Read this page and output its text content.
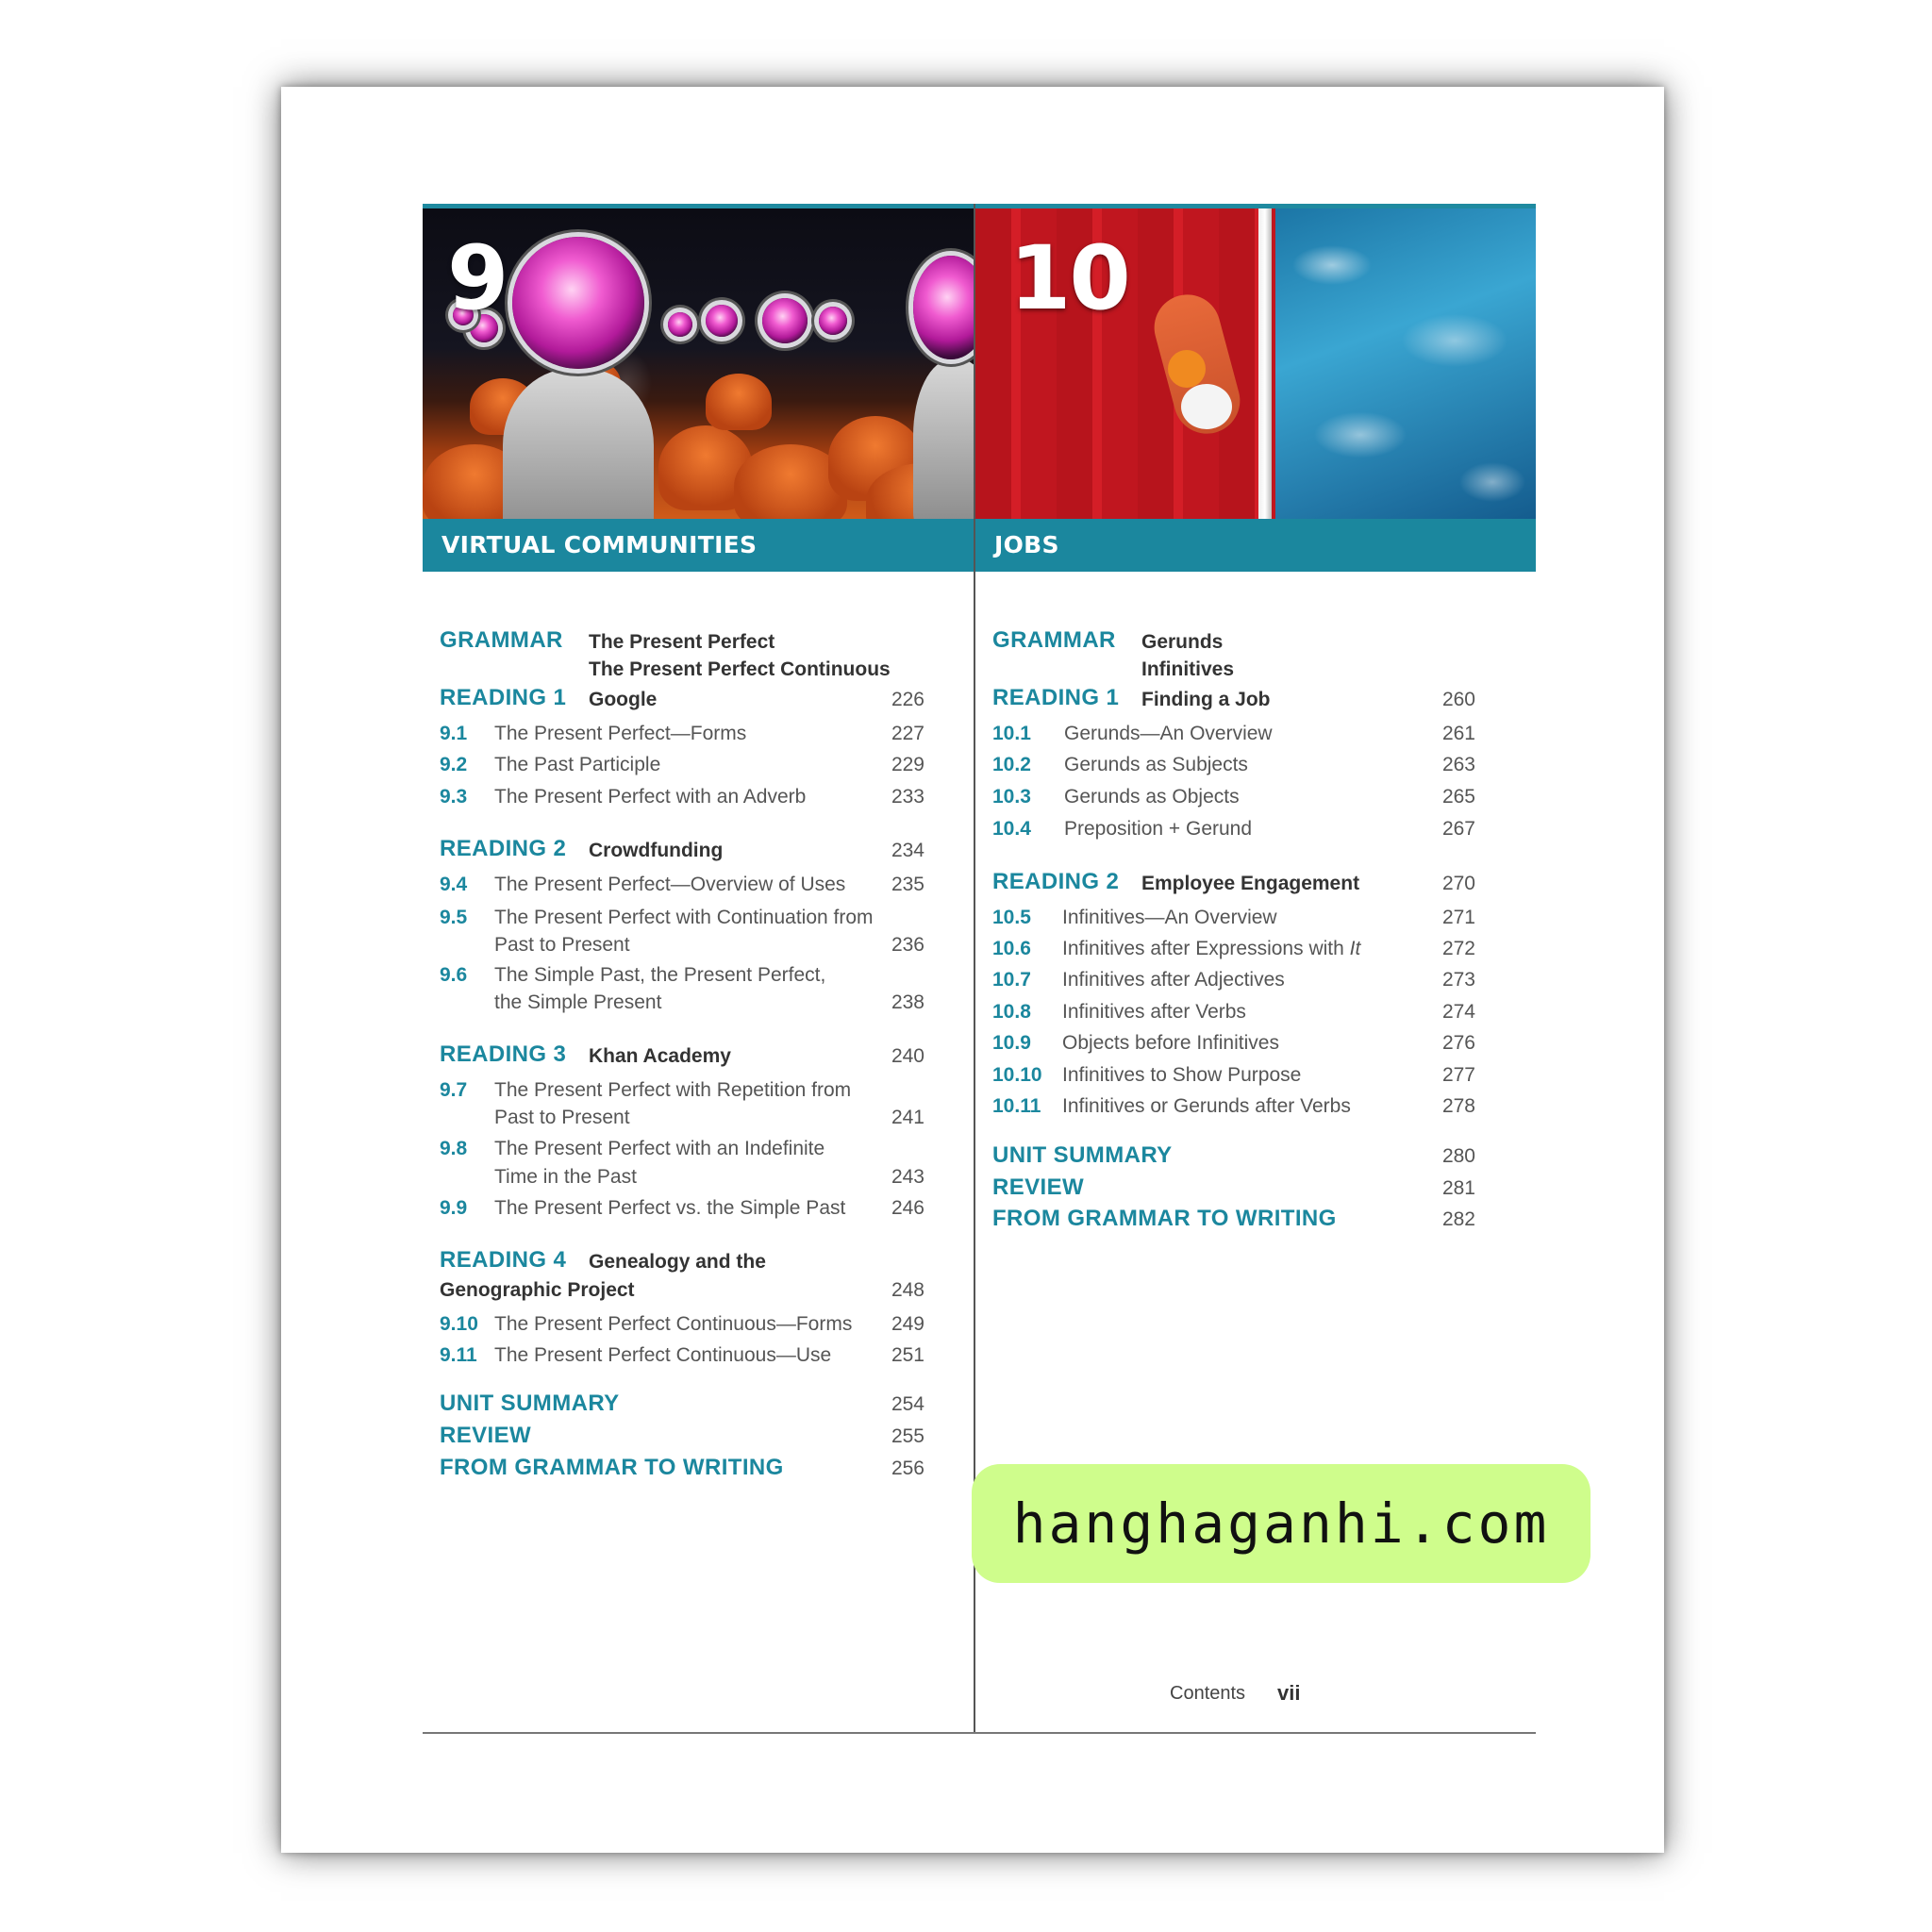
9	10
VIRTUAL COMMUNITIES	JOBS
GRAMMAR The Present Perfect
The Present Perfect Continuous
READING 1 Google	226
9.1 The Present Perfect—Forms	227
9.2 The Past Participle	229
9.3 The Present Perfect with an Adverb	233
READING 2 Crowdfunding	234
9.4 The Present Perfect—Overview of Uses	235
9.5 The Present Perfect with Continuation from
Past to Present	236
9.6 The Simple Past, the Present Perfect,
the Simple Present	238
READING 3 Khan Academy	240
9.7 The Present Perfect with Repetition from
Past to Present	241
9.8 The Present Perfect with an Indefinite
Time in the Past	243
9.9 The Present Perfect vs. the Simple Past	246
READING 4 Genealogy and the
Genographic Project	248
9.10 The Present Perfect Continuous—Forms	249
9.11 The Present Perfect Continuous—Use	251
UNIT SUMMARY	254
REVIEW	255
FROM GRAMMAR TO WRITING	256
GRAMMAR Gerunds
Infinitives
READING 1 Finding a Job	260
10.1 Gerunds—An Overview	261
10.2 Gerunds as Subjects	263
10.3 Gerunds as Objects	265
10.4 Preposition + Gerund	267
READING 2 Employee Engagement	270
10.5 Infinitives—An Overview	271
10.6 Infinitives after Expressions with It	272
10.7 Infinitives after Adjectives	273
10.8 Infinitives after Verbs	274
10.9 Objects before Infinitives	276
10.10 Infinitives to Show Purpose	277
10.11 Infinitives or Gerunds after Verbs	278
UNIT SUMMARY	280
REVIEW	281
FROM GRAMMAR TO WRITING	282
Contents vii
hanghaganhi.com
